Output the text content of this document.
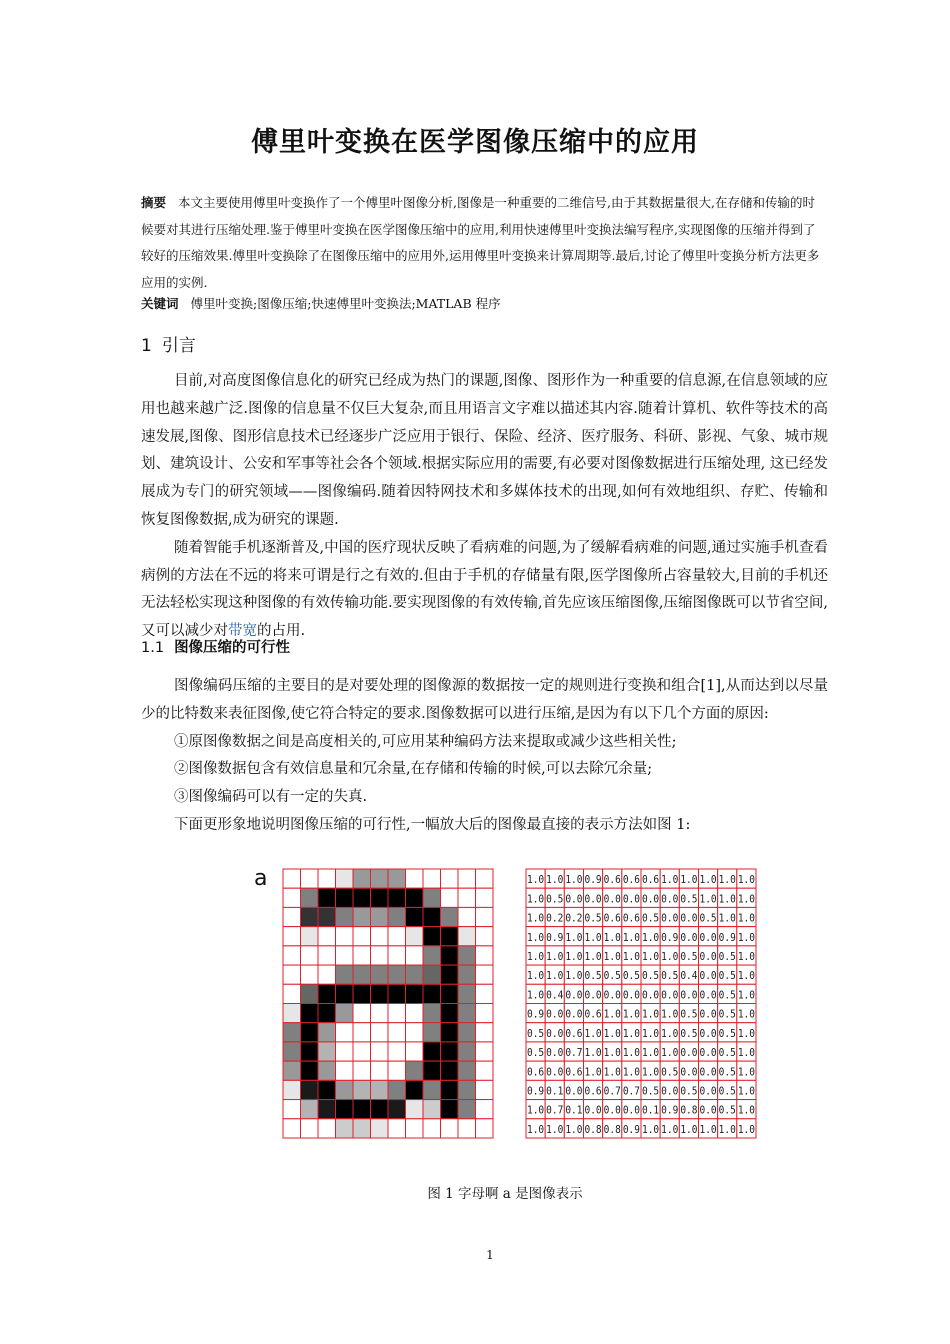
傅里叶变换在医学图像压缩中的应用
摘要 本文主要使用傅里叶变换作了一个傅里叶图像分析,图像是一种重要的二维信号,由于其数据量很大,在存储和传输的时候要对其进行压缩处理.鉴于傅里叶变换在医学图像压缩中的应用,利用快速傅里叶变换法编写程序,实现图像的压缩并得到了较好的压缩效果.傅里叶变换除了在图像压缩中的应用外,运用傅里叶变换来计算周期等.最后,讨论了傅里叶变换分析方法更多应用的实例.
关键词 傅里叶变换;图像压缩;快速傅里叶变换法;MATLAB 程序
1 引言

目前,对高度图像信息化的研究已经成为热门的课题,图像、图形作为一种重要的信息源,在信息领域的应用也越来越广泛.图像的信息量不仅巨大复杂,而且用语言文字难以描述其内容.随着计算机、软件等技术的高速发展,图像、图形信息技术已经逐步广泛应用于银行、保险、经济、医疗服务、科研、影视、气象、城市规划、建筑设计、公安和军事等社会各个领域.根据实际应用的需要,有必要对图像数据进行压缩处理, 这已经发展成为专门的研究领域——图像编码.随着因特网技术和多媒体技术的出现,如何有效地组织、存贮、传输和恢复图像数据,成为研究的课题.

随着智能手机逐渐普及,中国的医疗现状反映了看病难的问题,为了缓解看病难的问题,通过实施手机查看病例的方法在不远的将来可谓是行之有效的.但由于手机的存储量有限,医学图像所占容量较大,目前的手机还无法轻松实现这种图像的有效传输功能.要实现图像的有效传输,首先应该压缩图像,压缩图像既可以节省空间,又可以减少对带宽的占用.

1.1 图像压缩的可行性

图像编码压缩的主要目的是对要处理的图像源的数据按一定的规则进行变换和组合[1],从而达到以尽量少的比特数来表征图像,使它符合特定的要求.图像数据可以进行压缩,是因为有以下几个方面的原因:

①原图像数据之间是高度相关的,可应用某种编码方法来提取或减少这些相关性;

②图像数据包含有效信息量和冗余量,在存储和传输的时候,可以去除冗余量;

③图像编码可以有一定的失真.

下面更形象地说明图像压缩的可行性,一幅放大后的图像最直接的表示方法如图 1:

a	1.0 1.0 1.0 0.9 0.6 0.6 0.6 1.0 1.0 1.0 1.0 1.0
1.0 0.5 0.0 0.0 0.0 0.0 0.0 0.0 0.5 1.0 1.0 1.0
1.0 0.2 0.2 0.5 0.6 0.6 0.5 0.0 0.0 0.5 1.0 1.0
1.0 0.9 1.0 1.0 1.0 1.0 1.0 0.9 0.0 0.0 0.9 1.0
1.0 1.0 1.0 1.0 1.0 1.0 1.0 1.0 0.5 0.0 0.5 1.0
1.0 1.0 1.0 0.5 0.5 0.5 0.5 0.5 0.4 0.0 0.5 1.0
1.0 0.4 0.0 0.0 0.0 0.0 0.0 0.0 0.0 0.0 0.5 1.0
0.9 0.0 0.0 0.6 1.0 1.0 1.0 1.0 0.5 0.0 0.5 1.0
0.5 0.0 0.6 1.0 1.0 1.0 1.0 1.0 0.5 0.0 0.5 1.0
0.5 0.0 0.7 1.0 1.0 1.0 1.0 1.0 0.0 0.0 0.5 1.0
0.6 0.0 0.6 1.0 1.0 1.0 1.0 0.5 0.0 0.0 0.5 1.0
0.9 0.1 0.0 0.6 0.7 0.7 0.5 0.0 0.5 0.0 0.5 1.0
1.0 0.7 0.1 0.0 0.0 0.0 0.1 0.9 0.8 0.0 0.5 1.0
1.0 1.0 1.0 0.8 0.8 0.9 1.0 1.0 1.0 1.0 1.0 1.0
图 1 字母啊 a 是图像表示
1
